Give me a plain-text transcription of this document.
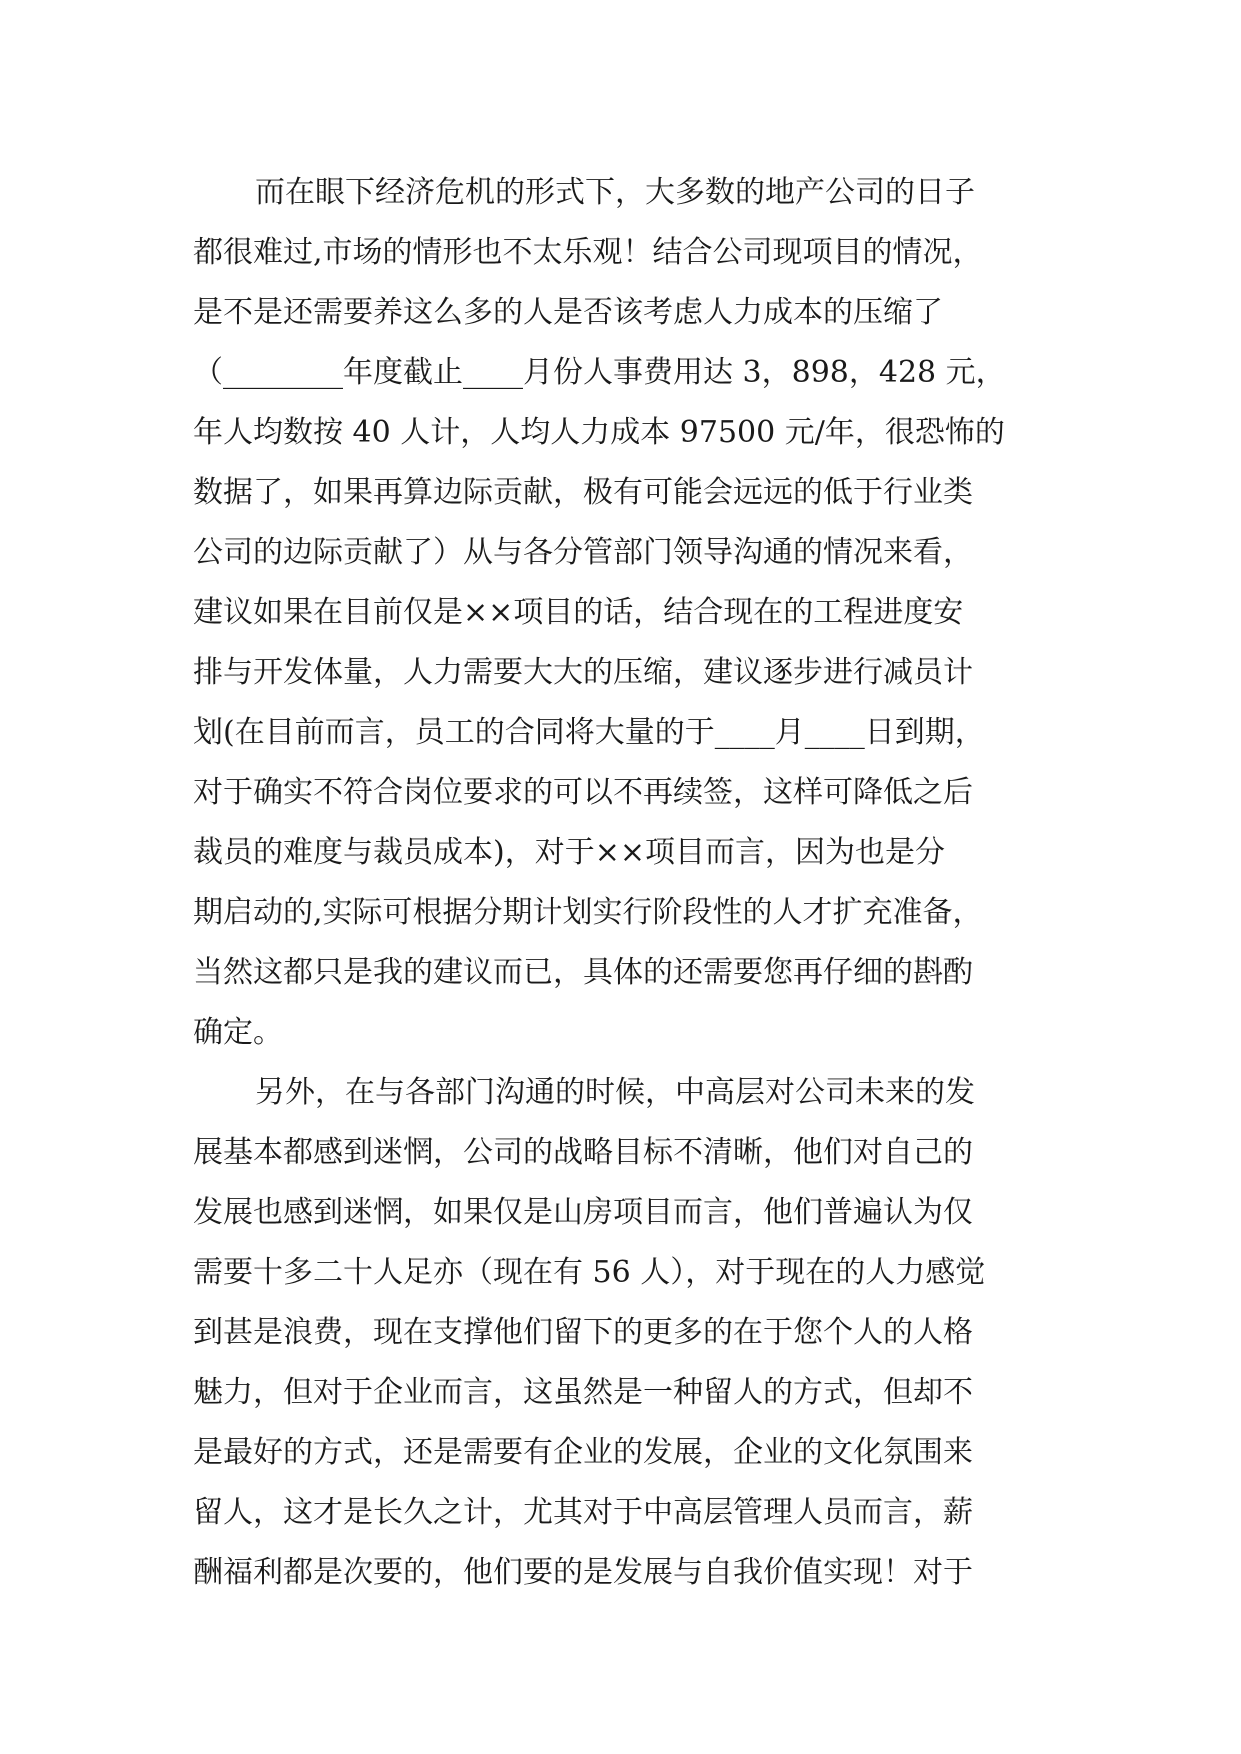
而在眼下经济危机的形式下，大多数的地产公司的日子
都很难过,市场的情形也不太乐观！结合公司现项目的情况，
是不是还需要养这么多的人是否该考虑人力成本的压缩了
（________年度截止____月份人事费用达 3，898，428 元，
年人均数按 40 人计，人均人力成本 97500 元/年，很恐怖的
数据了，如果再算边际贡献，极有可能会远远的低于行业类
公司的边际贡献了）从与各分管部门领导沟通的情况来看，
建议如果在目前仅是××项目的话，结合现在的工程进度安
排与开发体量，人力需要大大的压缩，建议逐步进行减员计
划(在目前而言，员工的合同将大量的于____月____日到期，
对于确实不符合岗位要求的可以不再续签，这样可降低之后
裁员的难度与裁员成本)，对于××项目而言，因为也是分
期启动的,实际可根据分期计划实行阶段性的人才扩充准备，
当然这都只是我的建议而已，具体的还需要您再仔细的斟酌
确定。
另外，在与各部门沟通的时候，中高层对公司未来的发
展基本都感到迷惘，公司的战略目标不清晰，他们对自己的
发展也感到迷惘，如果仅是山房项目而言，他们普遍认为仅
需要十多二十人足亦（现在有 56 人），对于现在的人力感觉
到甚是浪费，现在支撑他们留下的更多的在于您个人的人格
魅力，但对于企业而言，这虽然是一种留人的方式，但却不
是最好的方式，还是需要有企业的发展，企业的文化氛围来
留人，这才是长久之计，尤其对于中高层管理人员而言，薪
酬福利都是次要的，他们要的是发展与自我价值实现！对于
